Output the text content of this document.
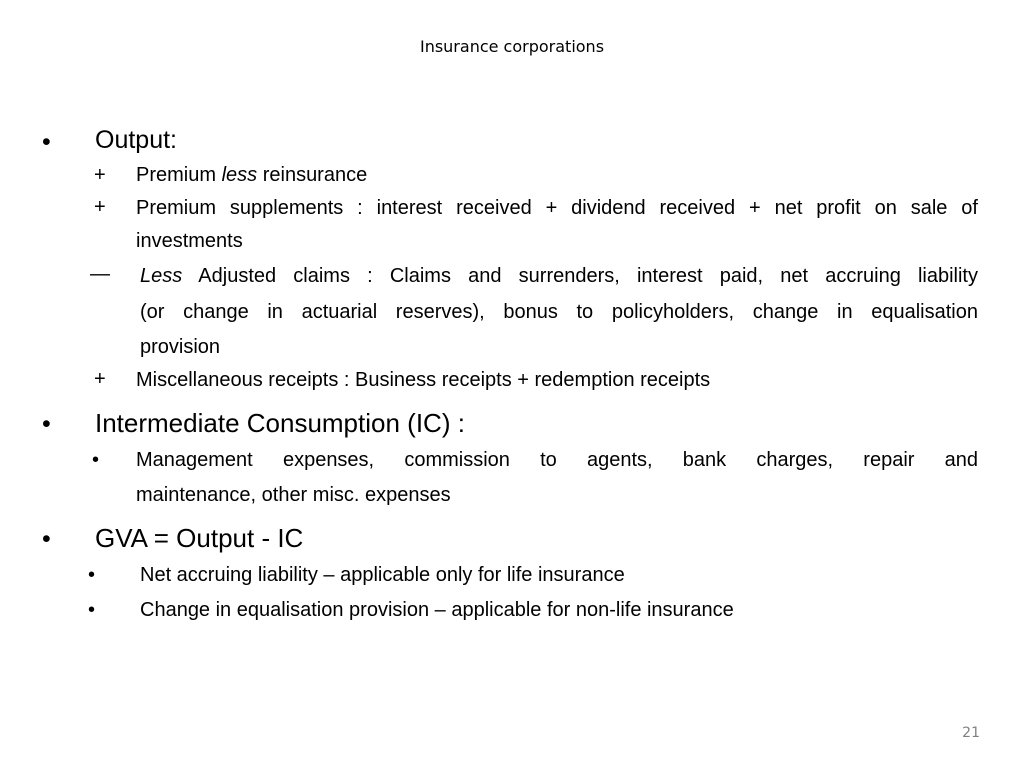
Insurance corporations
• Output:
+ Premium less reinsurance
+ Premium supplements : interest received + dividend received + net profit on sale of
investments
— Less Adjusted claims : Claims and surrenders, interest paid, net accruing liability
(or change in actuarial reserves), bonus to policyholders, change in equalisation
provision
+ Miscellaneous receipts : Business receipts + redemption receipts
• Intermediate Consumption (IC) :
• Management expenses, commission to agents, bank charges, repair and
maintenance, other misc. expenses
• GVA = Output - IC
• Net accruing liability – applicable only for life insurance
• Change in equalisation provision – applicable for non-life insurance
21
